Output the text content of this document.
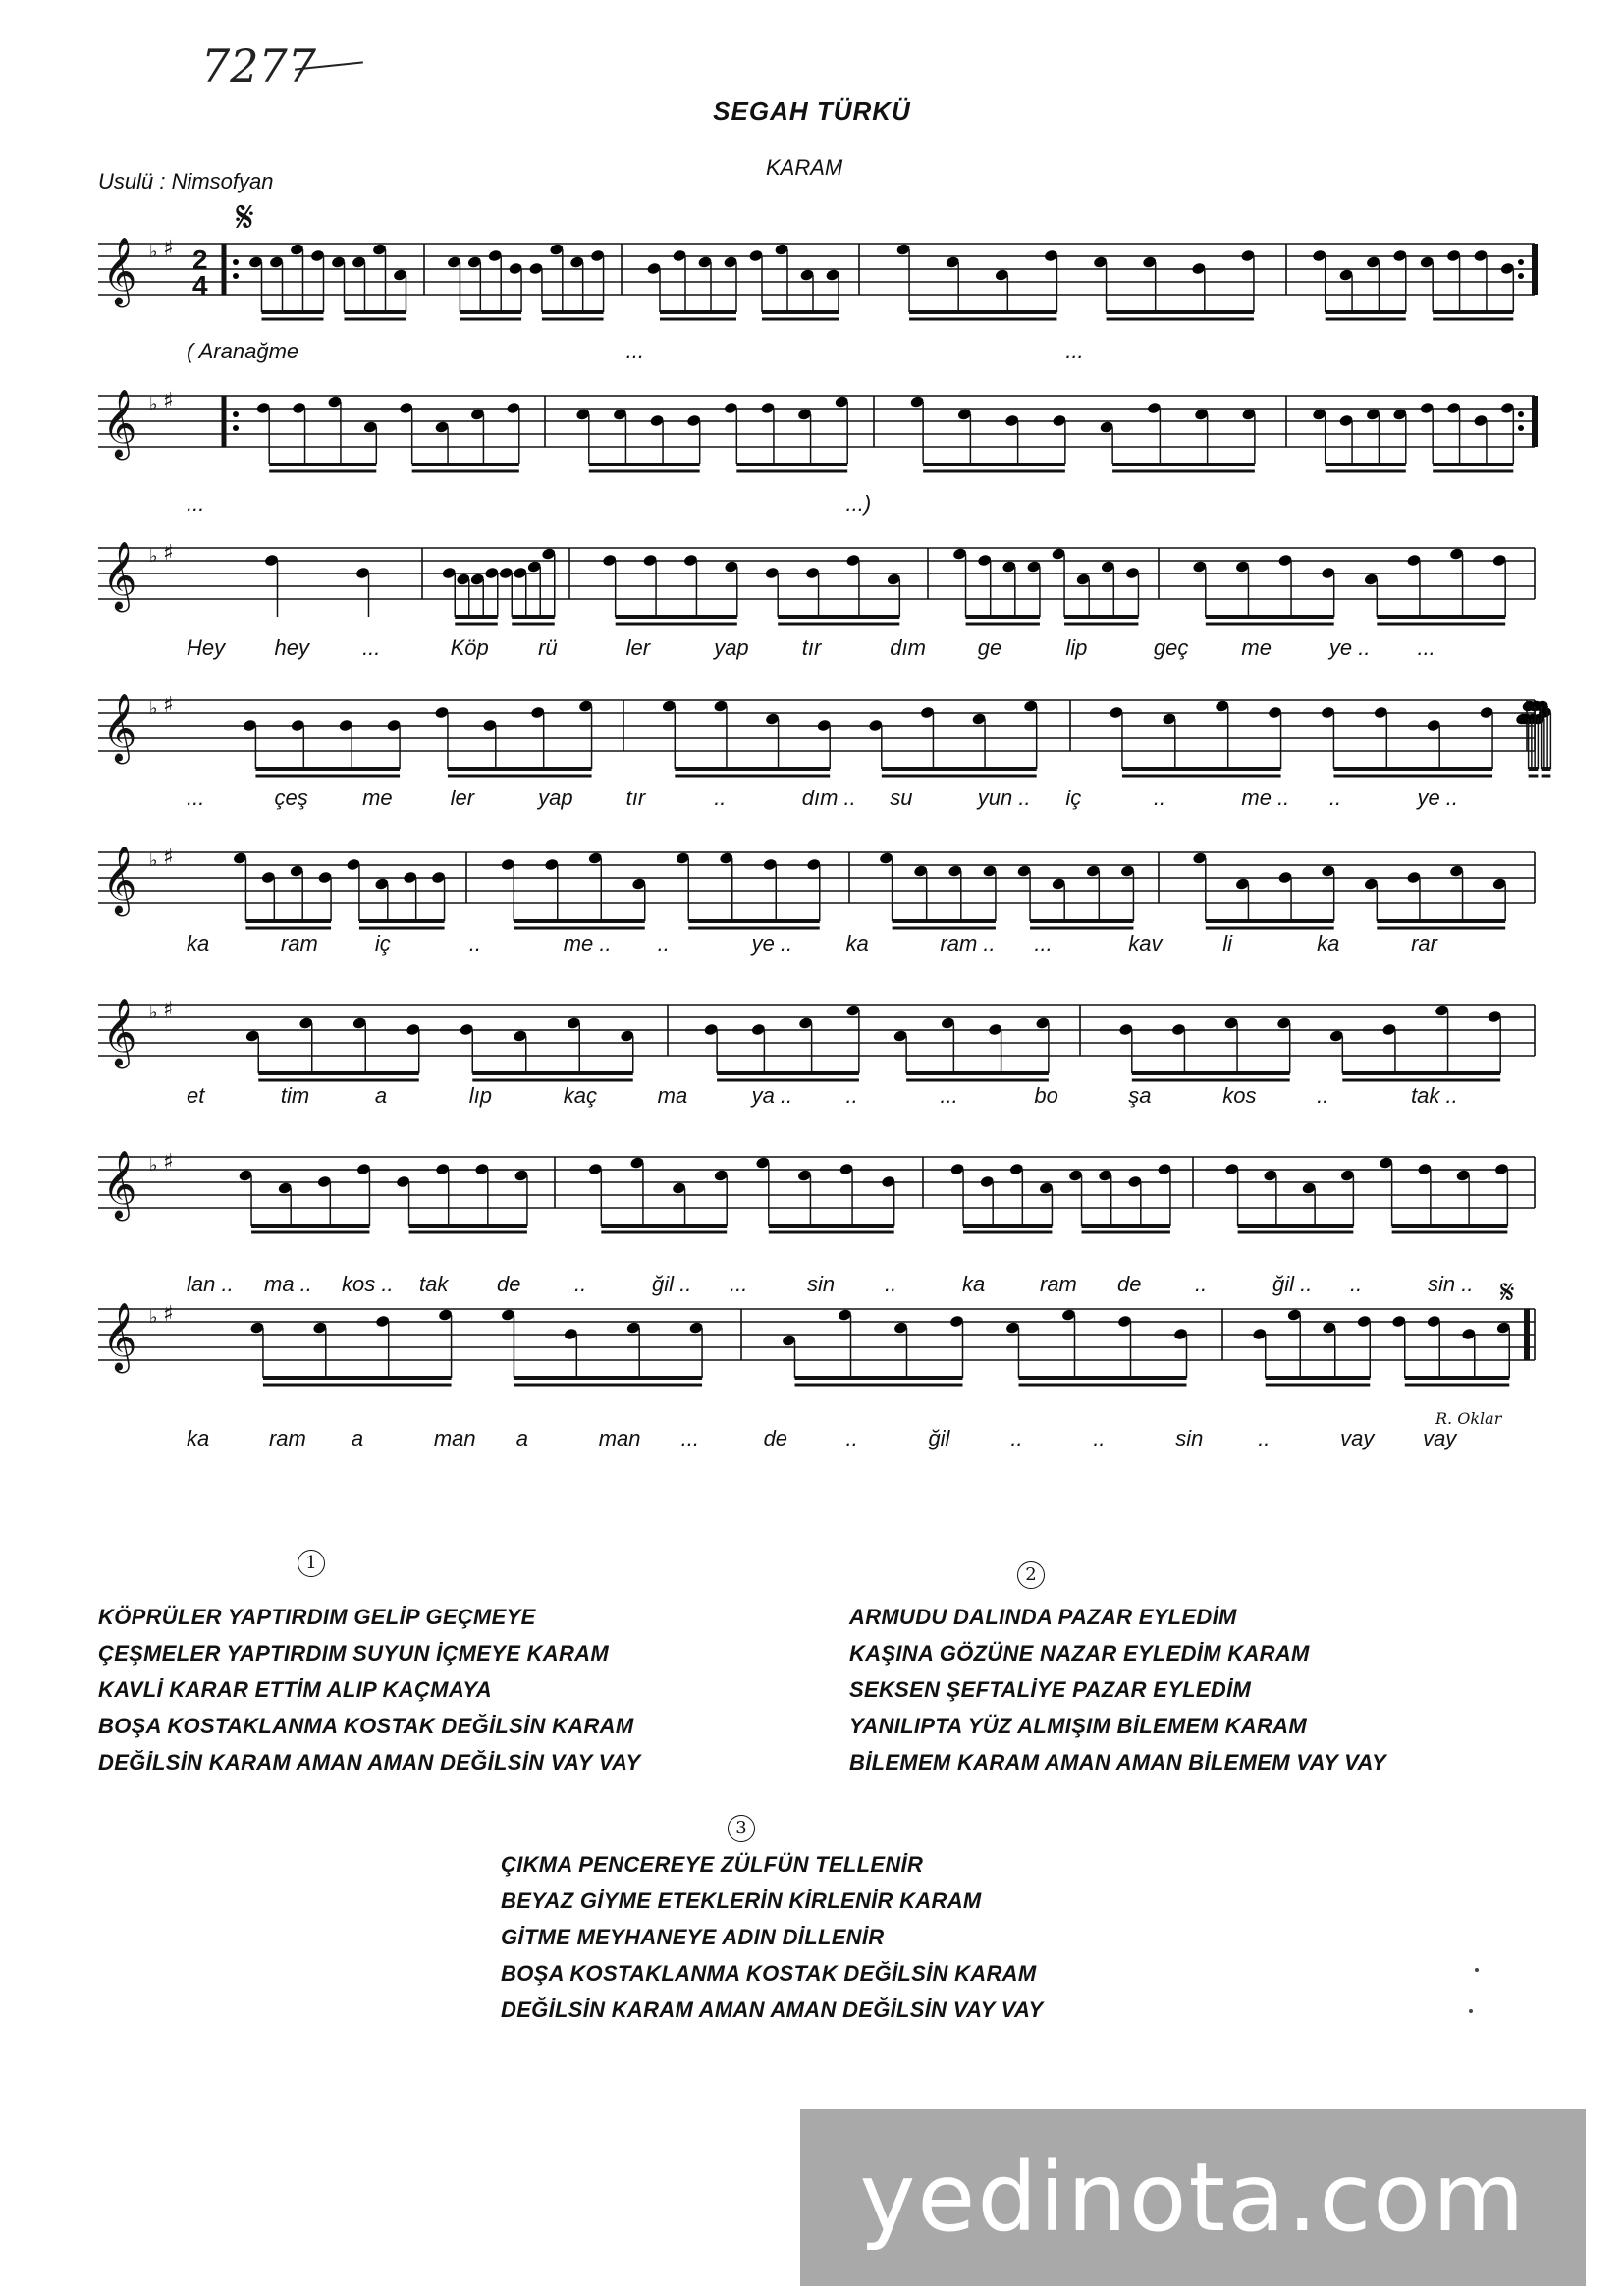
7277
SEGAH TÜRKÜ
KARAM
Usulü : Nimsofyan
𝄞 ♭ ♯ 2
4
𝄋
( Aranağme	...	...
𝄞 ♭ ♯
...	...)
𝄞 ♭ ♯
Hey hey ...	Köp rü	ler	yap tır	dım ge	lip	geç me	ye .. ...
𝄞 ♭ ♯
...	çeş	me	ler	yap tır	..	dım .. su	yun .. iç	..	me .. ..	ye ..
𝄞 ♭ ♯
ka	ram	iç	..	me .. ..	ye .. ka	ram .. ...	kav	li	ka	rar
𝄞 ♭ ♯
et	tim	a	lıp	kaç	ma	ya .. ..	...	bo	şa	kos	..	tak ..
𝄞 ♭ ♯
lan .. ma .. kos .. tak de ..	ğil .. ...	sin ..	ka	ram de ..	ğil .. ..	sin ..
𝄞 ♭ ♯
ka	ram a	man a	man ...	de	..	ğil	..	..	sin	..	vay vay
𝄋
R. Oklar
1
KÖPRÜLER YAPTIRDIM GELİP GEÇMEYE
ÇEŞMELER YAPTIRDIM SUYUN İÇMEYE KARAM
KAVLİ KARAR ETTİM ALIP KAÇMAYA
BOŞA KOSTAKLANMA KOSTAK DEĞİLSİN KARAM
DEĞİLSİN KARAM AMAN AMAN DEĞİLSİN VAY VAY
2
ARMUDU DALINDA PAZAR EYLEDİM
KAŞINA GÖZÜNE NAZAR EYLEDİM KARAM
SEKSEN ŞEFTALİYE PAZAR EYLEDİM
YANILIPTA YÜZ ALMIŞIM BİLEMEM KARAM
BİLEMEM KARAM AMAN AMAN BİLEMEM VAY VAY
3
ÇIKMA PENCEREYE ZÜLFÜN TELLENİR
BEYAZ GİYME ETEKLERİN KİRLENİR KARAM
GİTME MEYHANEYE ADIN DİLLENİR
BOŞA KOSTAKLANMA KOSTAK DEĞİLSİN KARAM
DEĞİLSİN KARAM AMAN AMAN DEĞİLSİN VAY VAY
yedinota.com
